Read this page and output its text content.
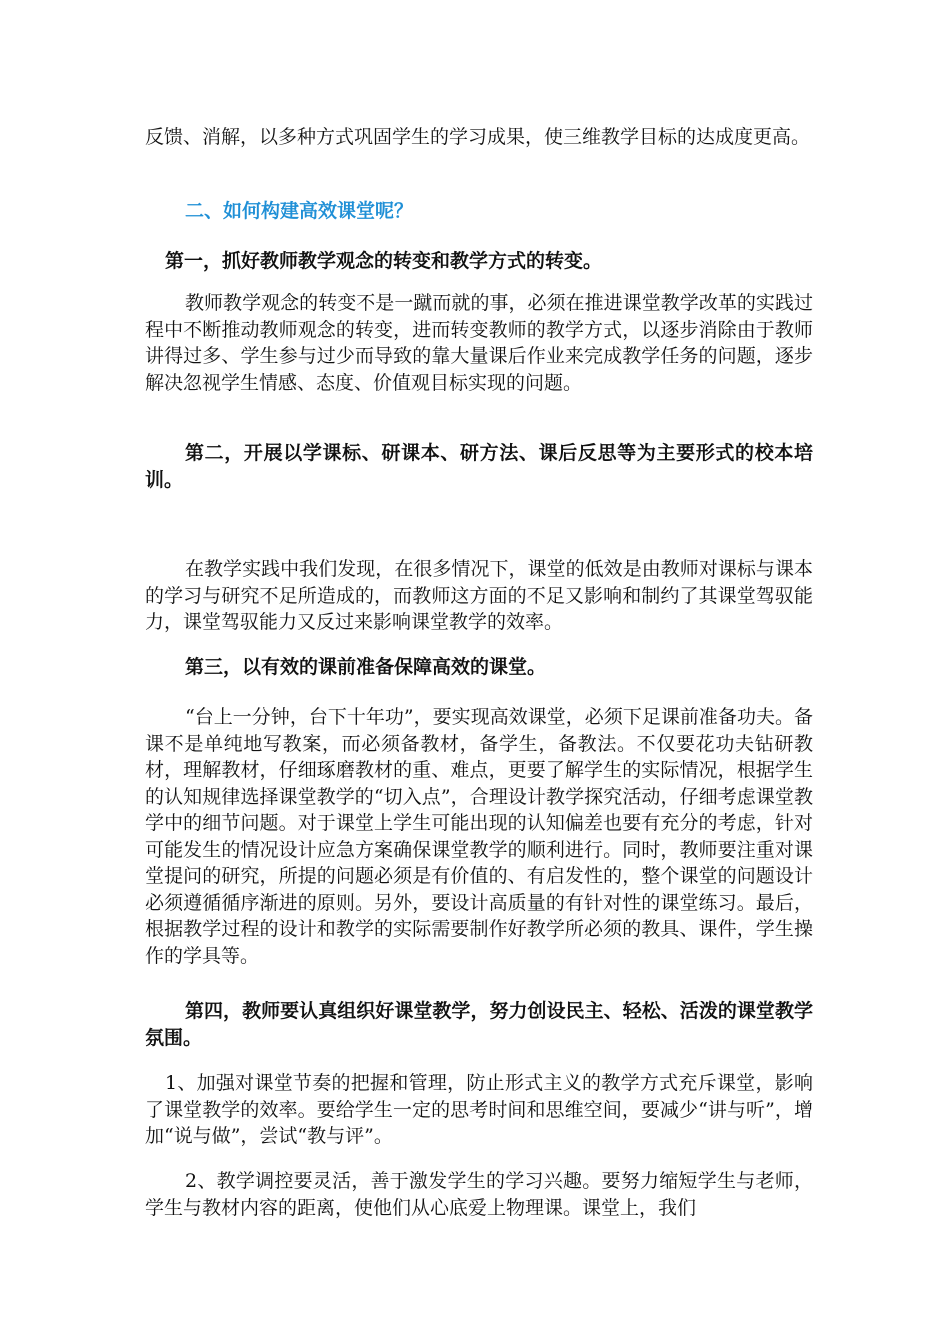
反馈、消解，以多种方式巩固学生的学习成果，使三维教学目标的达成度更高。

二、如何构建高效课堂呢？

第一，抓好教师教学观念的转变和教学方式的转变。

教师教学观念的转变不是一蹴而就的事，必须在推进课堂教学改革的实践过程中不断推动教师观念的转变，进而转变教师的教学方式，以逐步消除由于教师讲得过多、学生参与过少而导致的靠大量课后作业来完成教学任务的问题，逐步解决忽视学生情感、态度、价值观目标实现的问题。

第二，开展以学课标、研课本、研方法、课后反思等为主要形式的校本培训。

在教学实践中我们发现，在很多情况下，课堂的低效是由教师对课标与课本的学习与研究不足所造成的，而教师这方面的不足又影响和制约了其课堂驾驭能力，课堂驾驭能力又反过来影响课堂教学的效率。

第三，以有效的课前准备保障高效的课堂。

“台上一分钟，台下十年功”，要实现高效课堂，必须下足课前准备功夫。备课不是单纯地写教案，而必须备教材，备学生，备教法。不仅要花功夫钻研教材，理解教材，仔细琢磨教材的重、难点，更要了解学生的实际情况，根据学生的认知规律选择课堂教学的“切入点”，合理设计教学探究活动，仔细考虑课堂教学中的细节问题。对于课堂上学生可能出现的认知偏差也要有充分的考虑，针对可能发生的情况设计应急方案确保课堂教学的顺利进行。同时，教师要注重对课堂提问的研究，所提的问题必须是有价值的、有启发性的，整个课堂的问题设计必须遵循循序渐进的原则。另外，要设计高质量的有针对性的课堂练习。最后，根据教学过程的设计和教学的实际需要制作好教学所必须的教具、课件，学生操作的学具等。

第四，教师要认真组织好课堂教学，努力创设民主、轻松、活泼的课堂教学氛围。

1、加强对课堂节奏的把握和管理，防止形式主义的教学方式充斥课堂，影响了课堂教学的效率。要给学生一定的思考时间和思维空间，要减少“讲与听”，增加“说与做”，尝试“教与评”。

2、教学调控要灵活，善于激发学生的学习兴趣。要努力缩短学生与老师，学生与教材内容的距离，使他们从心底爱上物理课。课堂上，我们
